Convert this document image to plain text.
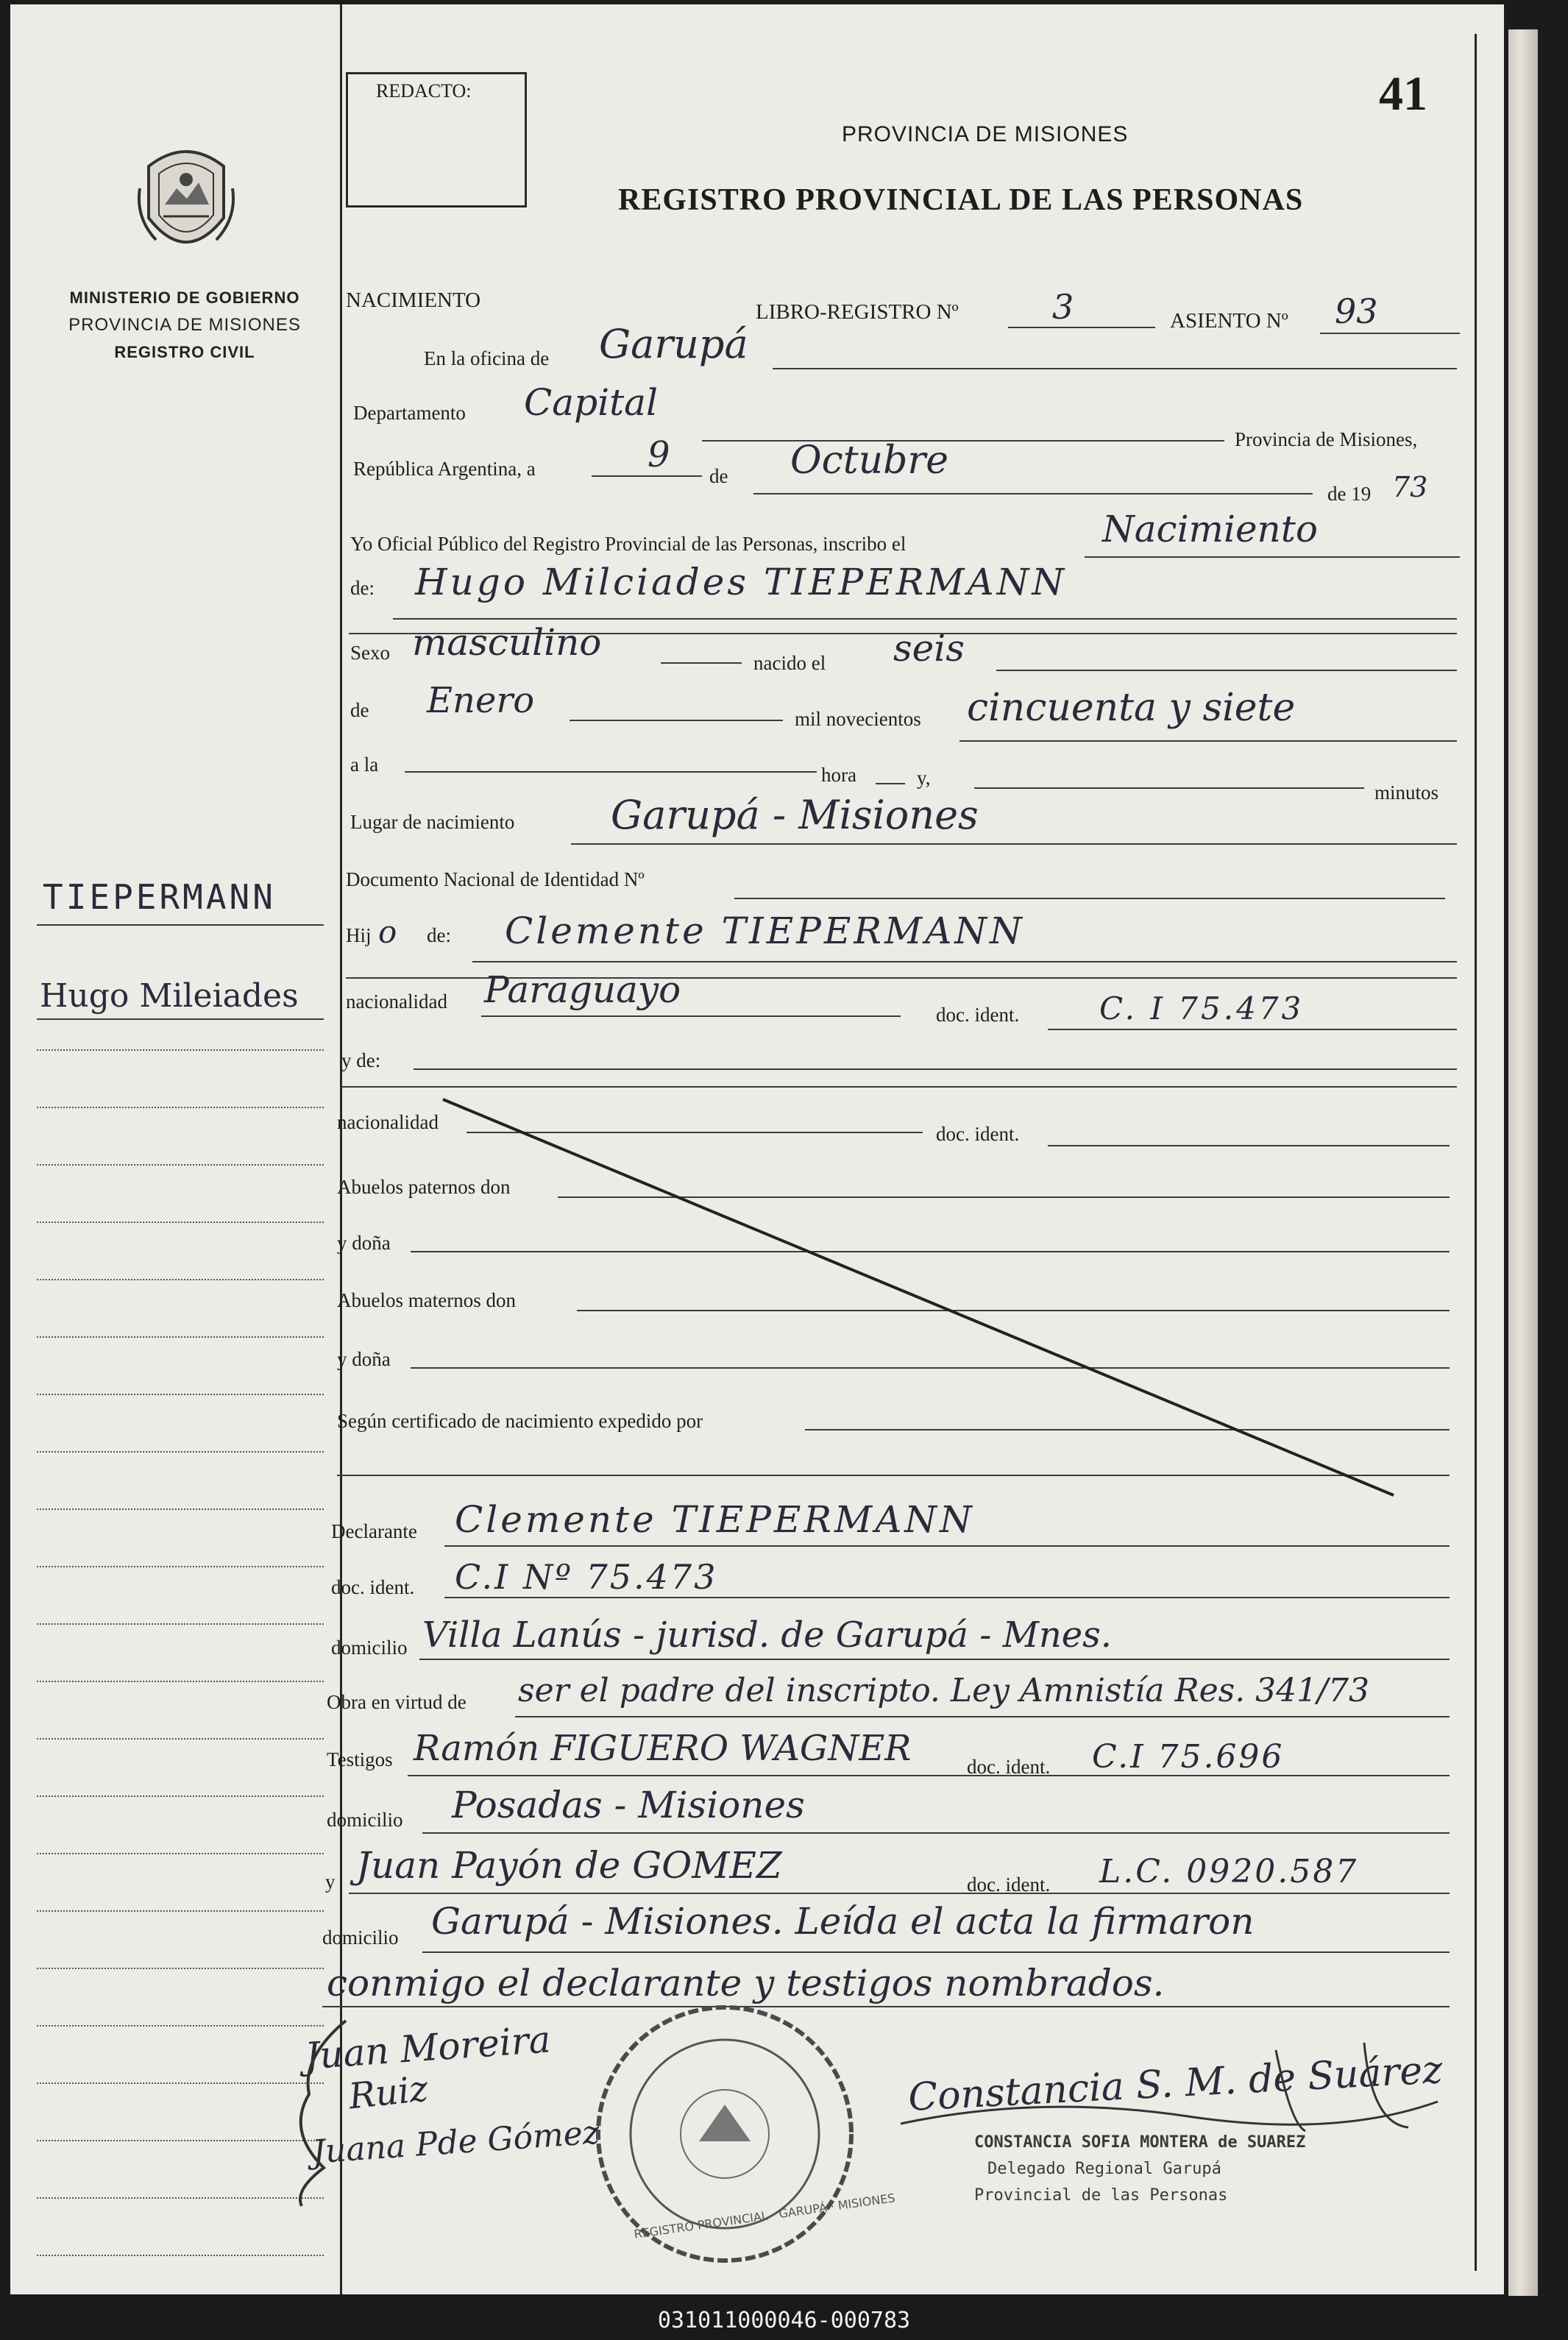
41
REDACTO:
MINISTERIO DE GOBIERNO
PROVINCIA DE MISIONES
REGISTRO CIVIL
PROVINCIA DE MISIONES
REGISTRO PROVINCIAL DE LAS PERSONAS
TIEPERMANN
Hugo Mileiades
NACIMIENTO	LIBRO-REGISTRO Nº	3	ASIENTO Nº 93
En la oficina de Garupá
Departamento Capital
Provincia de Misiones,
República Argentina, a	9
de Octubre
de 19 73
Yo Oficial Público del Registro Provincial de las Personas, inscribo el	Nacimiento
de: Hugo Milciades TIEPERMANN
Sexo masculino	nacido el seis
de Enero	mil novecientos cincuenta y siete
a la	hora	y,
minutos
Lugar de nacimiento Garupá - Misiones
Documento Nacional de Identidad Nº
Hij o de: Clemente TIEPERMANN
nacionalidad Paraguayo
doc. ident.	C. I 75.473
y de:
nacionalidad
doc. ident.
Abuelos paternos don
y doña
Abuelos maternos don
y doña
Según certificado de nacimiento expedido por
Declarante Clemente TIEPERMANN
doc. ident. C.I Nº 75.473
domicilio Villa Lanús - jurisd. de Garupá - Mnes.
Obra en virtud de ser el padre del inscripto. Ley Amnistía Res. 341/73
Testigos Ramón FIGUERO WAGNER	doc. ident. C.I 75.696
domicilio Posadas - Misiones
y Juan Payón de GOMEZ	doc. ident. L.C. 0920.587
domicilio Garupá - Misiones. Leída el acta la firmaron
conmigo el declarante y testigos nombrados.
REGISTRO PROVINCIAL · GARUPÁ · MISIONES
Juan Moreira
Ruiz
Juana Pde Gómez
Constancia S. M. de Suárez
CONSTANCIA SOFIA MONTERA de SUAREZ
Delegado Regional Garupá
Provincial de las Personas
031011000046-000783
